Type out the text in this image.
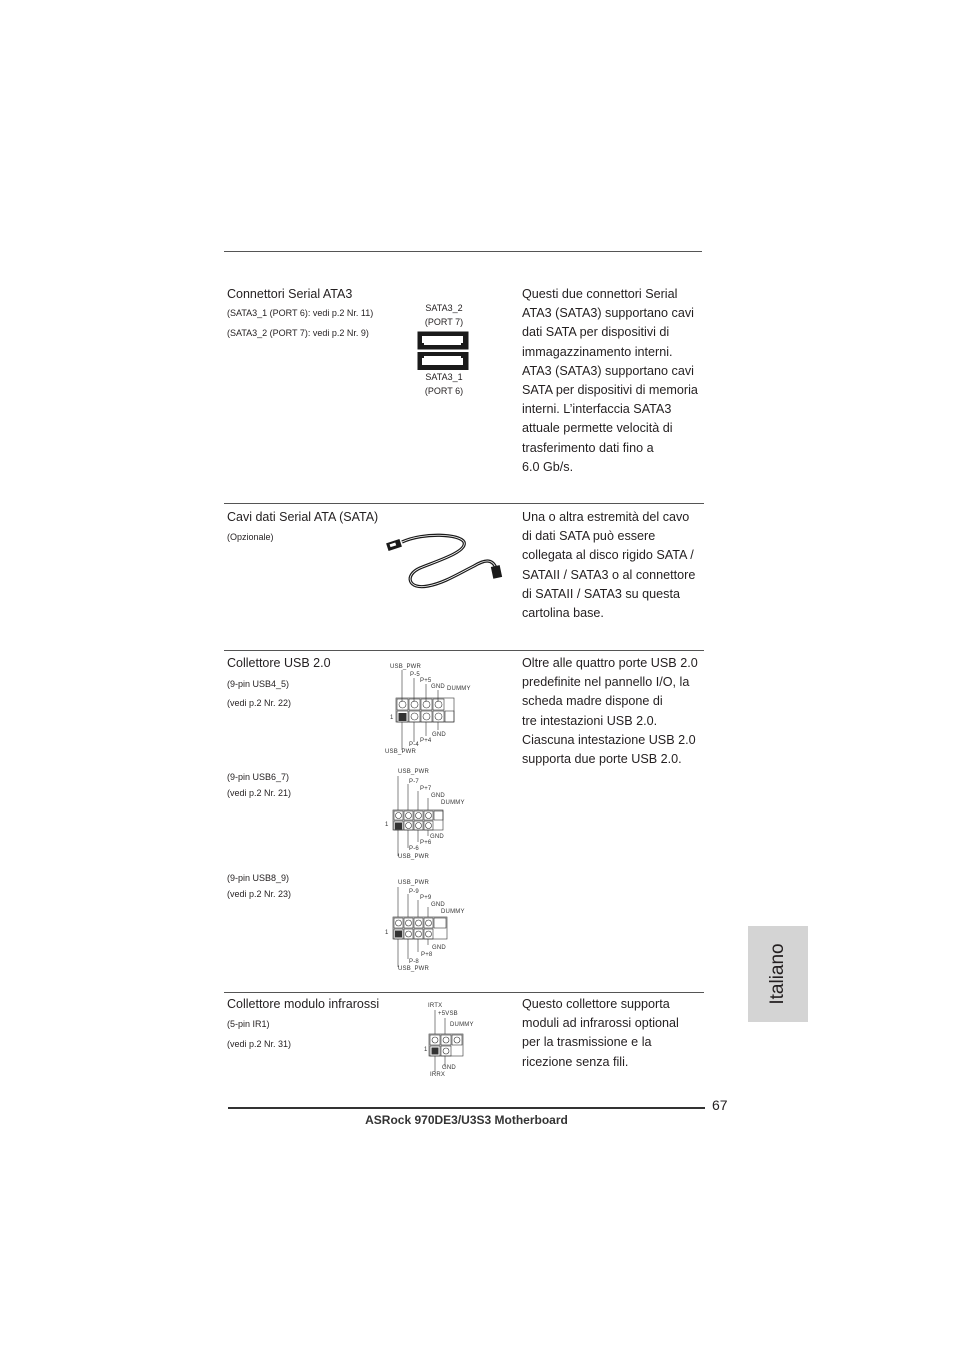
Connettori Serial ATA3
(SATA3_1 (PORT 6): vedi p.2 Nr. 11)
(SATA3_2 (PORT 7): vedi p.2 Nr. 9)
SATA3_2
(PORT 7)
SATA3_1
(PORT 6)
Questi due connettori Serial
ATA3 (SATA3) supportano cavi
dati SATA per dispositivi di
immagazzinamento interni.
ATA3 (SATA3) supportano cavi
SATA per dispositivi di memoria
interni. L’interfaccia SATA3
attuale permette velocità di
trasferimento dati fino a
6.0 Gb/s.
Cavi dati Serial ATA (SATA)
(Opzionale)
Una o altra estremità del cavo
di dati SATA può essere
collegata al disco rigido SATA /
SATAII / SATA3 o al connettore
di SATAII / SATA3 su questa
cartolina base.
Collettore USB 2.0
(9-pin USB4_5)
(vedi p.2 Nr. 22)
USB_PWR
P-5
P+5
GND DUMMY
1
GND
P+4
P-4
USB_PWR
Oltre alle quattro porte USB 2.0
predefinite nel pannello I/O, la
scheda madre dispone di
tre intestazioni USB 2.0.
Ciascuna intestazione USB 2.0
supporta due porte USB 2.0.
(9-pin USB6_7)
(vedi p.2 Nr. 21)
USB_PWR
P-7
P+7
GND
DUMMY
1
GND
P+6
P-6
USB_PWR
(9-pin USB8_9)
(vedi p.2 Nr. 23)
USB_PWR
P-9
P+9
GND
DUMMY
1
GND
P+8
P-8
USB_PWR
Collettore modulo infrarossi
(5-pin IR1)
(vedi p.2 Nr. 31)
IRTX
+5VSB
DUMMY
1
GND
IRRX
Questo collettore supporta
moduli ad infrarossi optional
per la trasmissione e la
ricezione senza fili.
Italiano
67
ASRock 970DE3/U3S3 Motherboard
